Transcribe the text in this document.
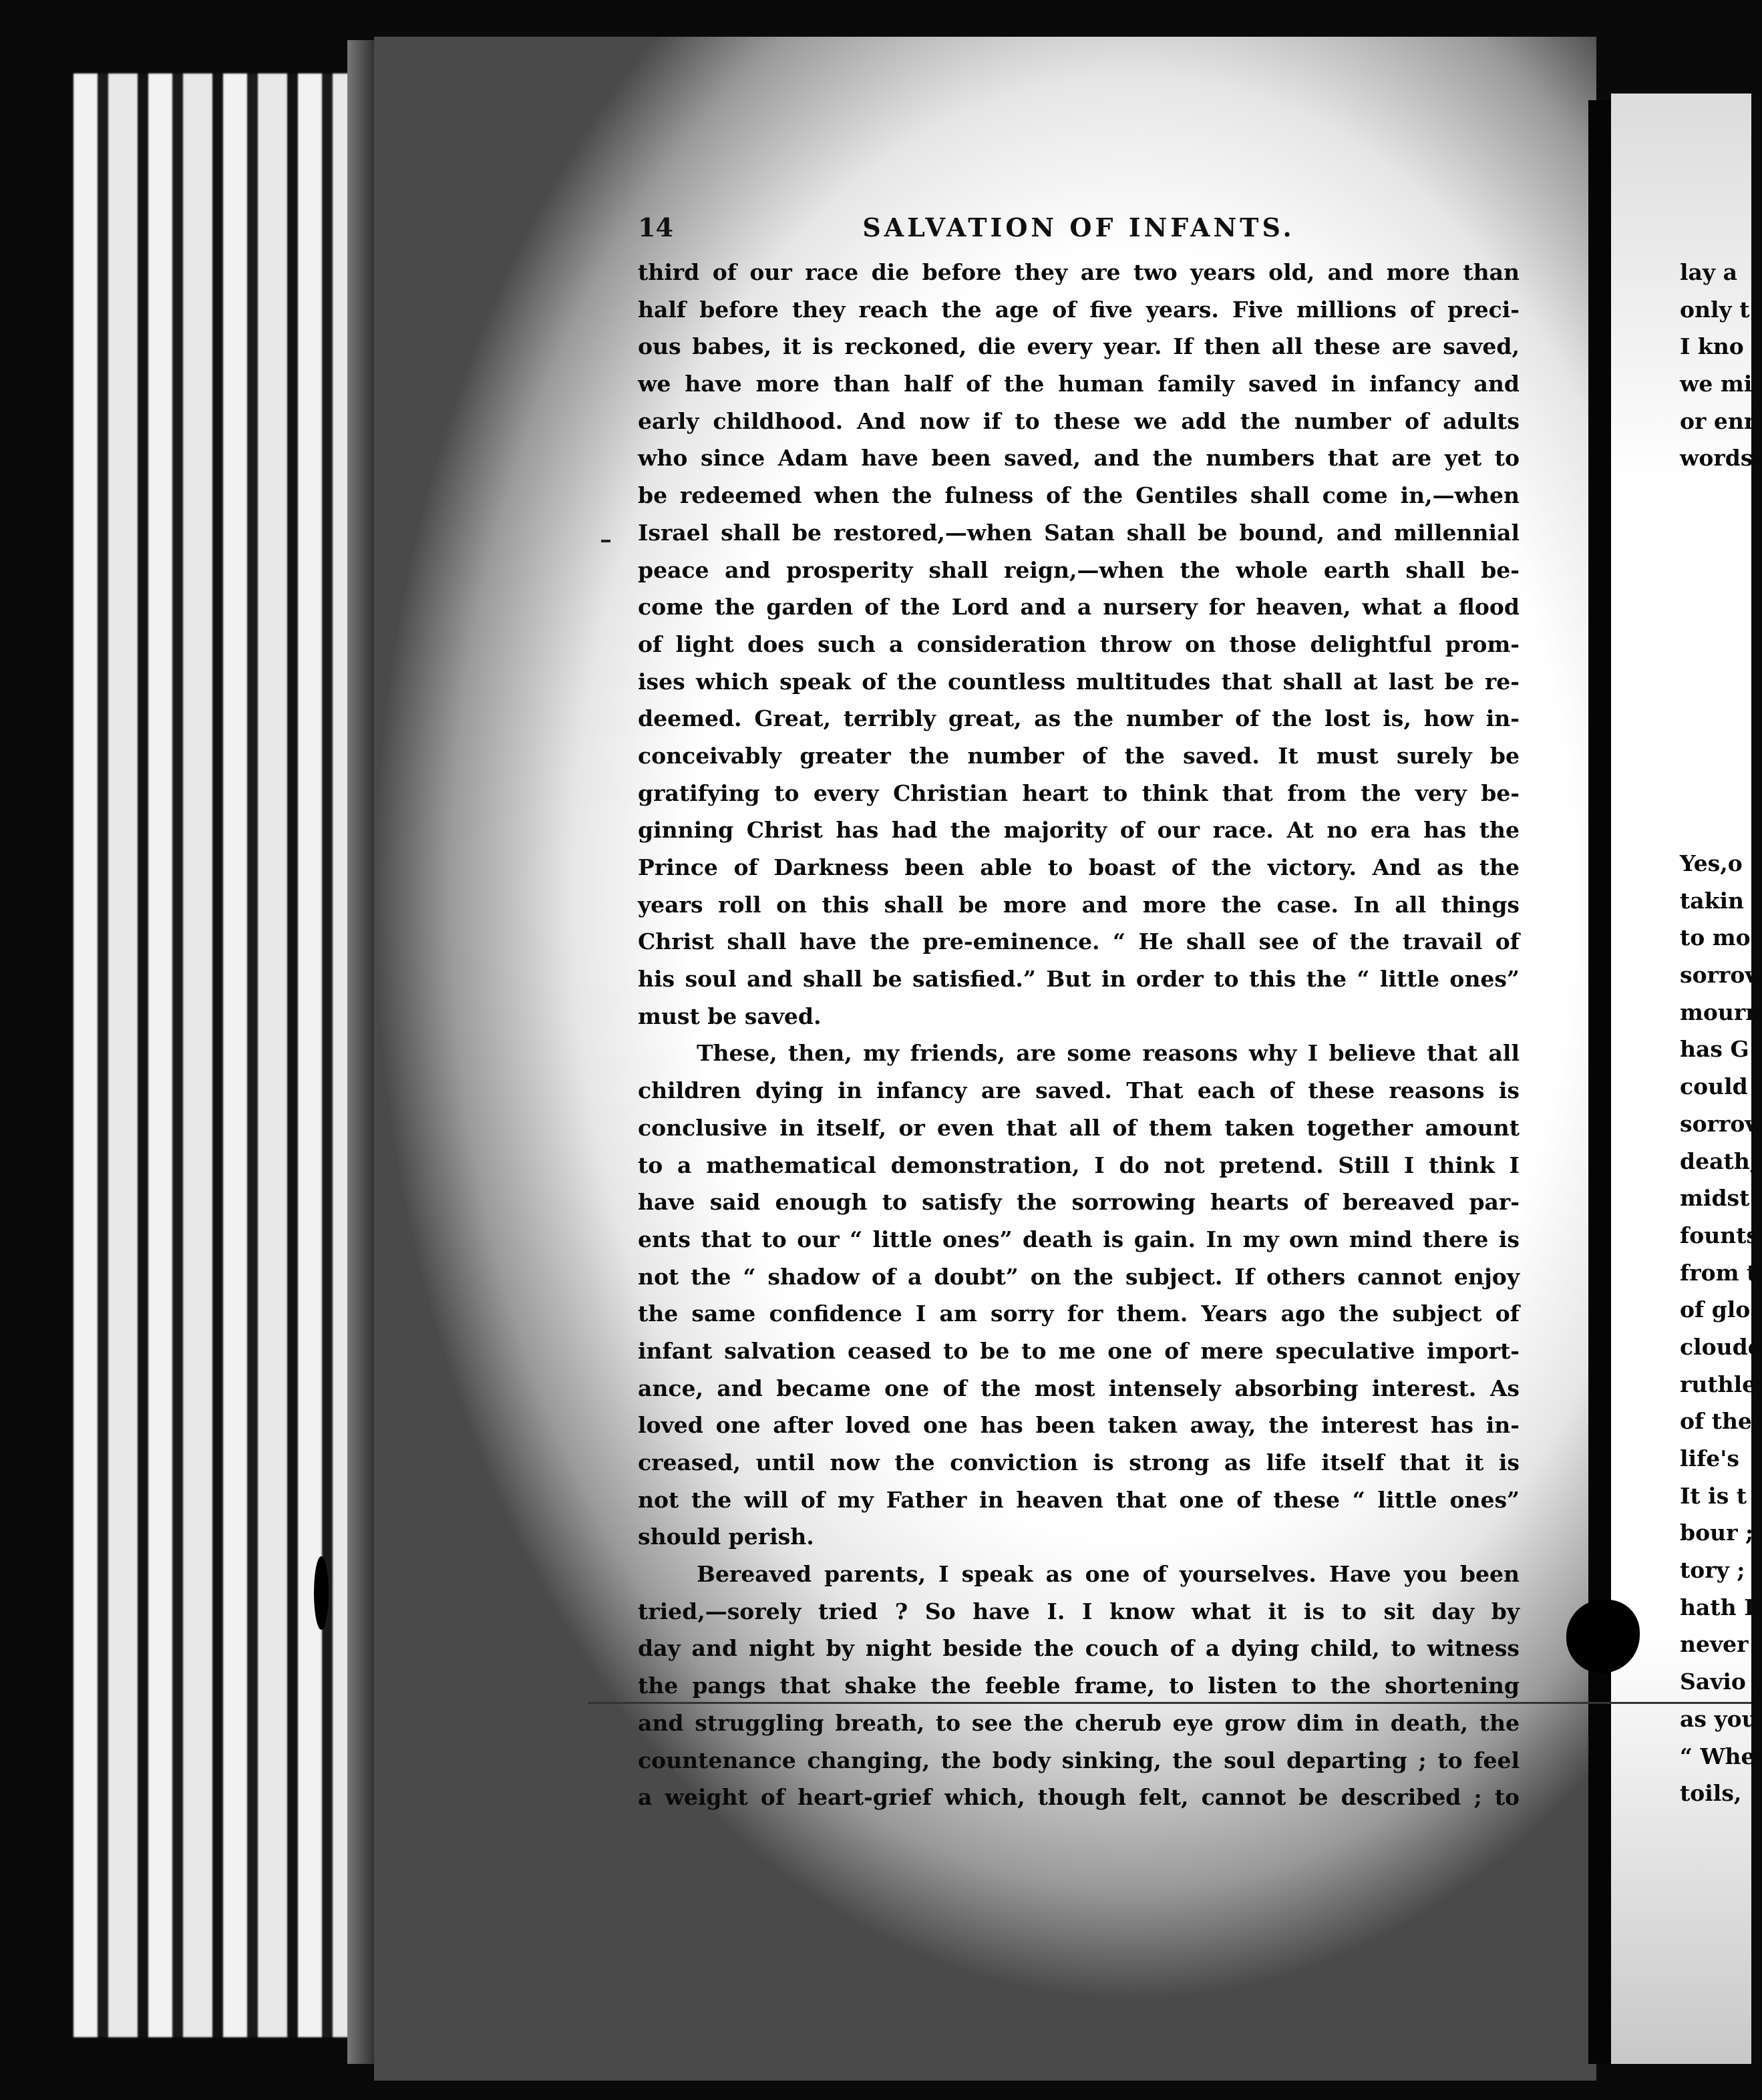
14	SALVATION OF INFANTS.
third of our race die before they are two years old, and more than
half before they reach the age of five years. Five millions of preci-
ous babes, it is reckoned, die every year. If then all these are saved,
we have more than half of the human family saved in infancy and
early childhood. And now if to these we add the number of adults
who since Adam have been saved, and the numbers that are yet to
be redeemed when the fulness of the Gentiles shall come in,—when
Israel shall be restored,—when Satan shall be bound, and millennial
peace and prosperity shall reign,—when the whole earth shall be-
come the garden of the Lord and a nursery for heaven, what a flood
of light does such a consideration throw on those delightful prom-
ises which speak of the countless multitudes that shall at last be re-
deemed. Great, terribly great, as the number of the lost is, how in-
conceivably greater the number of the saved. It must surely be
gratifying to every Christian heart to think that from the very be-
ginning Christ has had the majority of our race. At no era has the
Prince of Darkness been able to boast of the victory. And as the
years roll on this shall be more and more the case. In all things
Christ shall have the pre-eminence. “ He shall see of the travail of
his soul and shall be satisfied.” But in order to this the “ little ones”
must be saved.
These, then, my friends, are some reasons why I believe that all
children dying in infancy are saved. That each of these reasons is
conclusive in itself, or even that all of them taken together amount
to a mathematical demonstration, I do not pretend. Still I think I
have said enough to satisfy the sorrowing hearts of bereaved par-
ents that to our “ little ones” death is gain. In my own mind there is
not the “ shadow of a doubt” on the subject. If others cannot enjoy
the same confidence I am sorry for them. Years ago the subject of
infant salvation ceased to be to me one of mere speculative import-
ance, and became one of the most intensely absorbing interest. As
loved one after loved one has been taken away, the interest has in-
creased, until now the conviction is strong as life itself that it is
not the will of my Father in heaven that one of these “ little ones”
should perish.
Bereaved parents, I speak as one of yourselves. Have you been
tried,—sorely tried ? So have I. I know what it is to sit day by
day and night by night beside the couch of a dying child, to witness
the pangs that shake the feeble frame, to listen to the shortening
and struggling breath, to see the cherub eye grow dim in death, the
countenance changing, the body sinking, the soul departing ; to feel
a weight of heart-grief which, though felt, cannot be described ; to
lay a
only t
I kno
we mi
or enn
words
Yes,o
takin
to mo
sorrov
mourn
has G
could
sorrov
death,
midst
founts
from t
of glo
cloude
ruthle
of the
life's
It is t
bour ;
tory ;
hath I
never
Savio
as you
“ Whe
toils,
